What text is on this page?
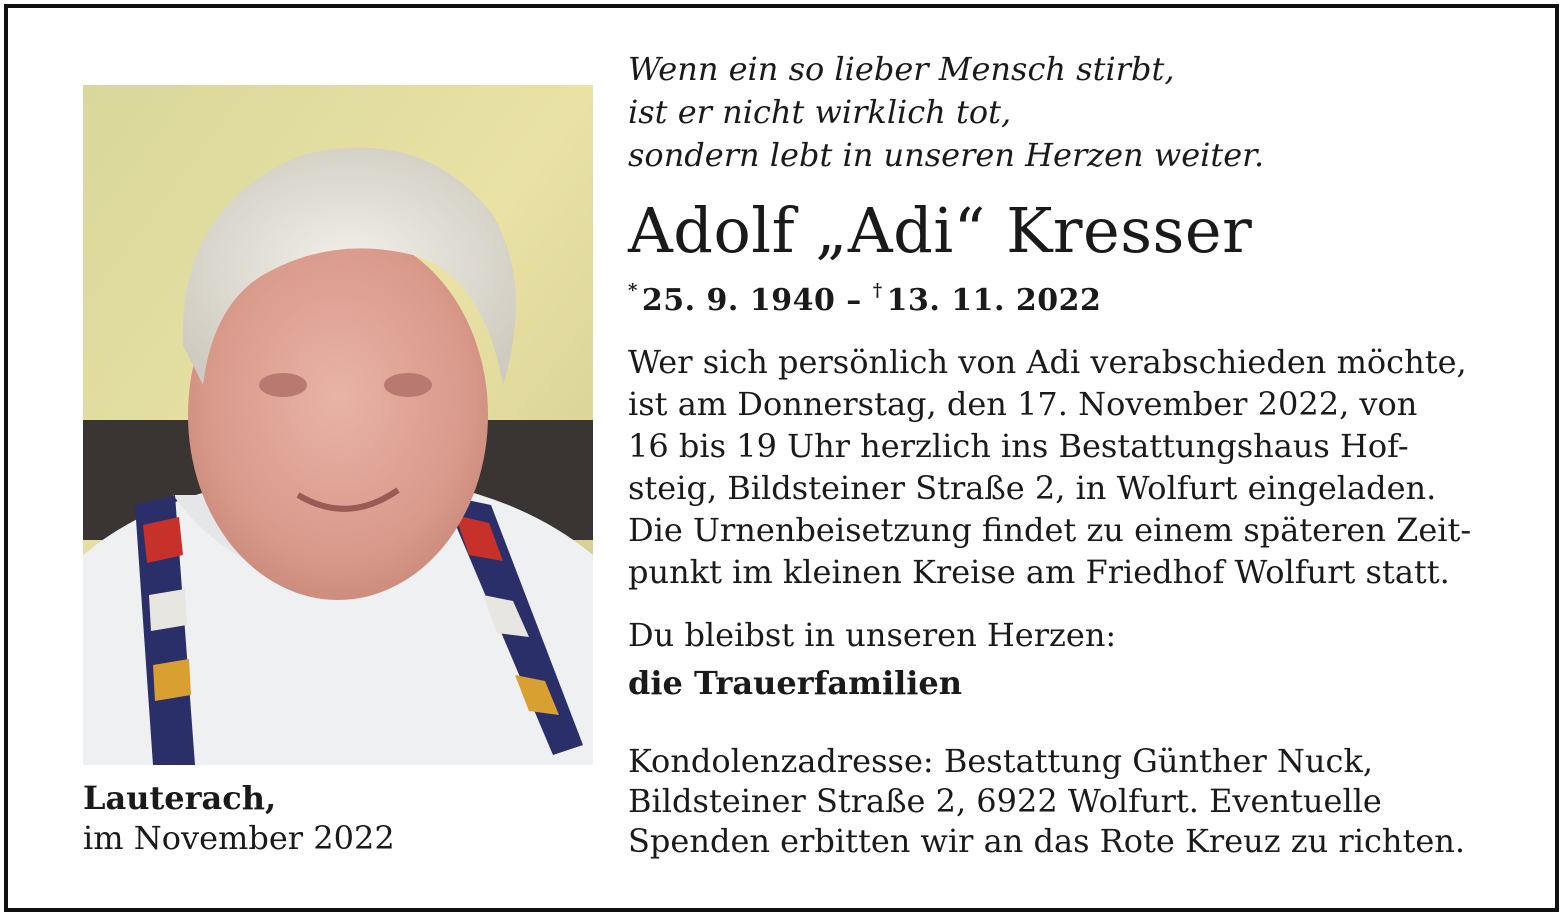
Lauterach,
im November 2022
Wenn ein so lieber Mensch stirbt,
ist er nicht wirklich tot,
sondern lebt in unseren Herzen weiter.
Adolf „Adi“ Kresser
* 25. 9. 1940 – † 13. 11. 2022
Wer sich persönlich von Adi verabschieden möchte,
ist am Donnerstag, den 17. November 2022, von
16 bis 19 Uhr herzlich ins Bestattungshaus Hof-
steig, Bildsteiner Straße 2, in Wolfurt eingeladen.
Die Urnenbeisetzung findet zu einem späteren Zeit-
punkt im kleinen Kreise am Friedhof Wolfurt statt.
Du bleibst in unseren Herzen:
die Trauerfamilien
Kondolenzadresse: Bestattung Günther Nuck,
Bildsteiner Straße 2, 6922 Wolfurt. Eventuelle
Spenden erbitten wir an das Rote Kreuz zu richten.
